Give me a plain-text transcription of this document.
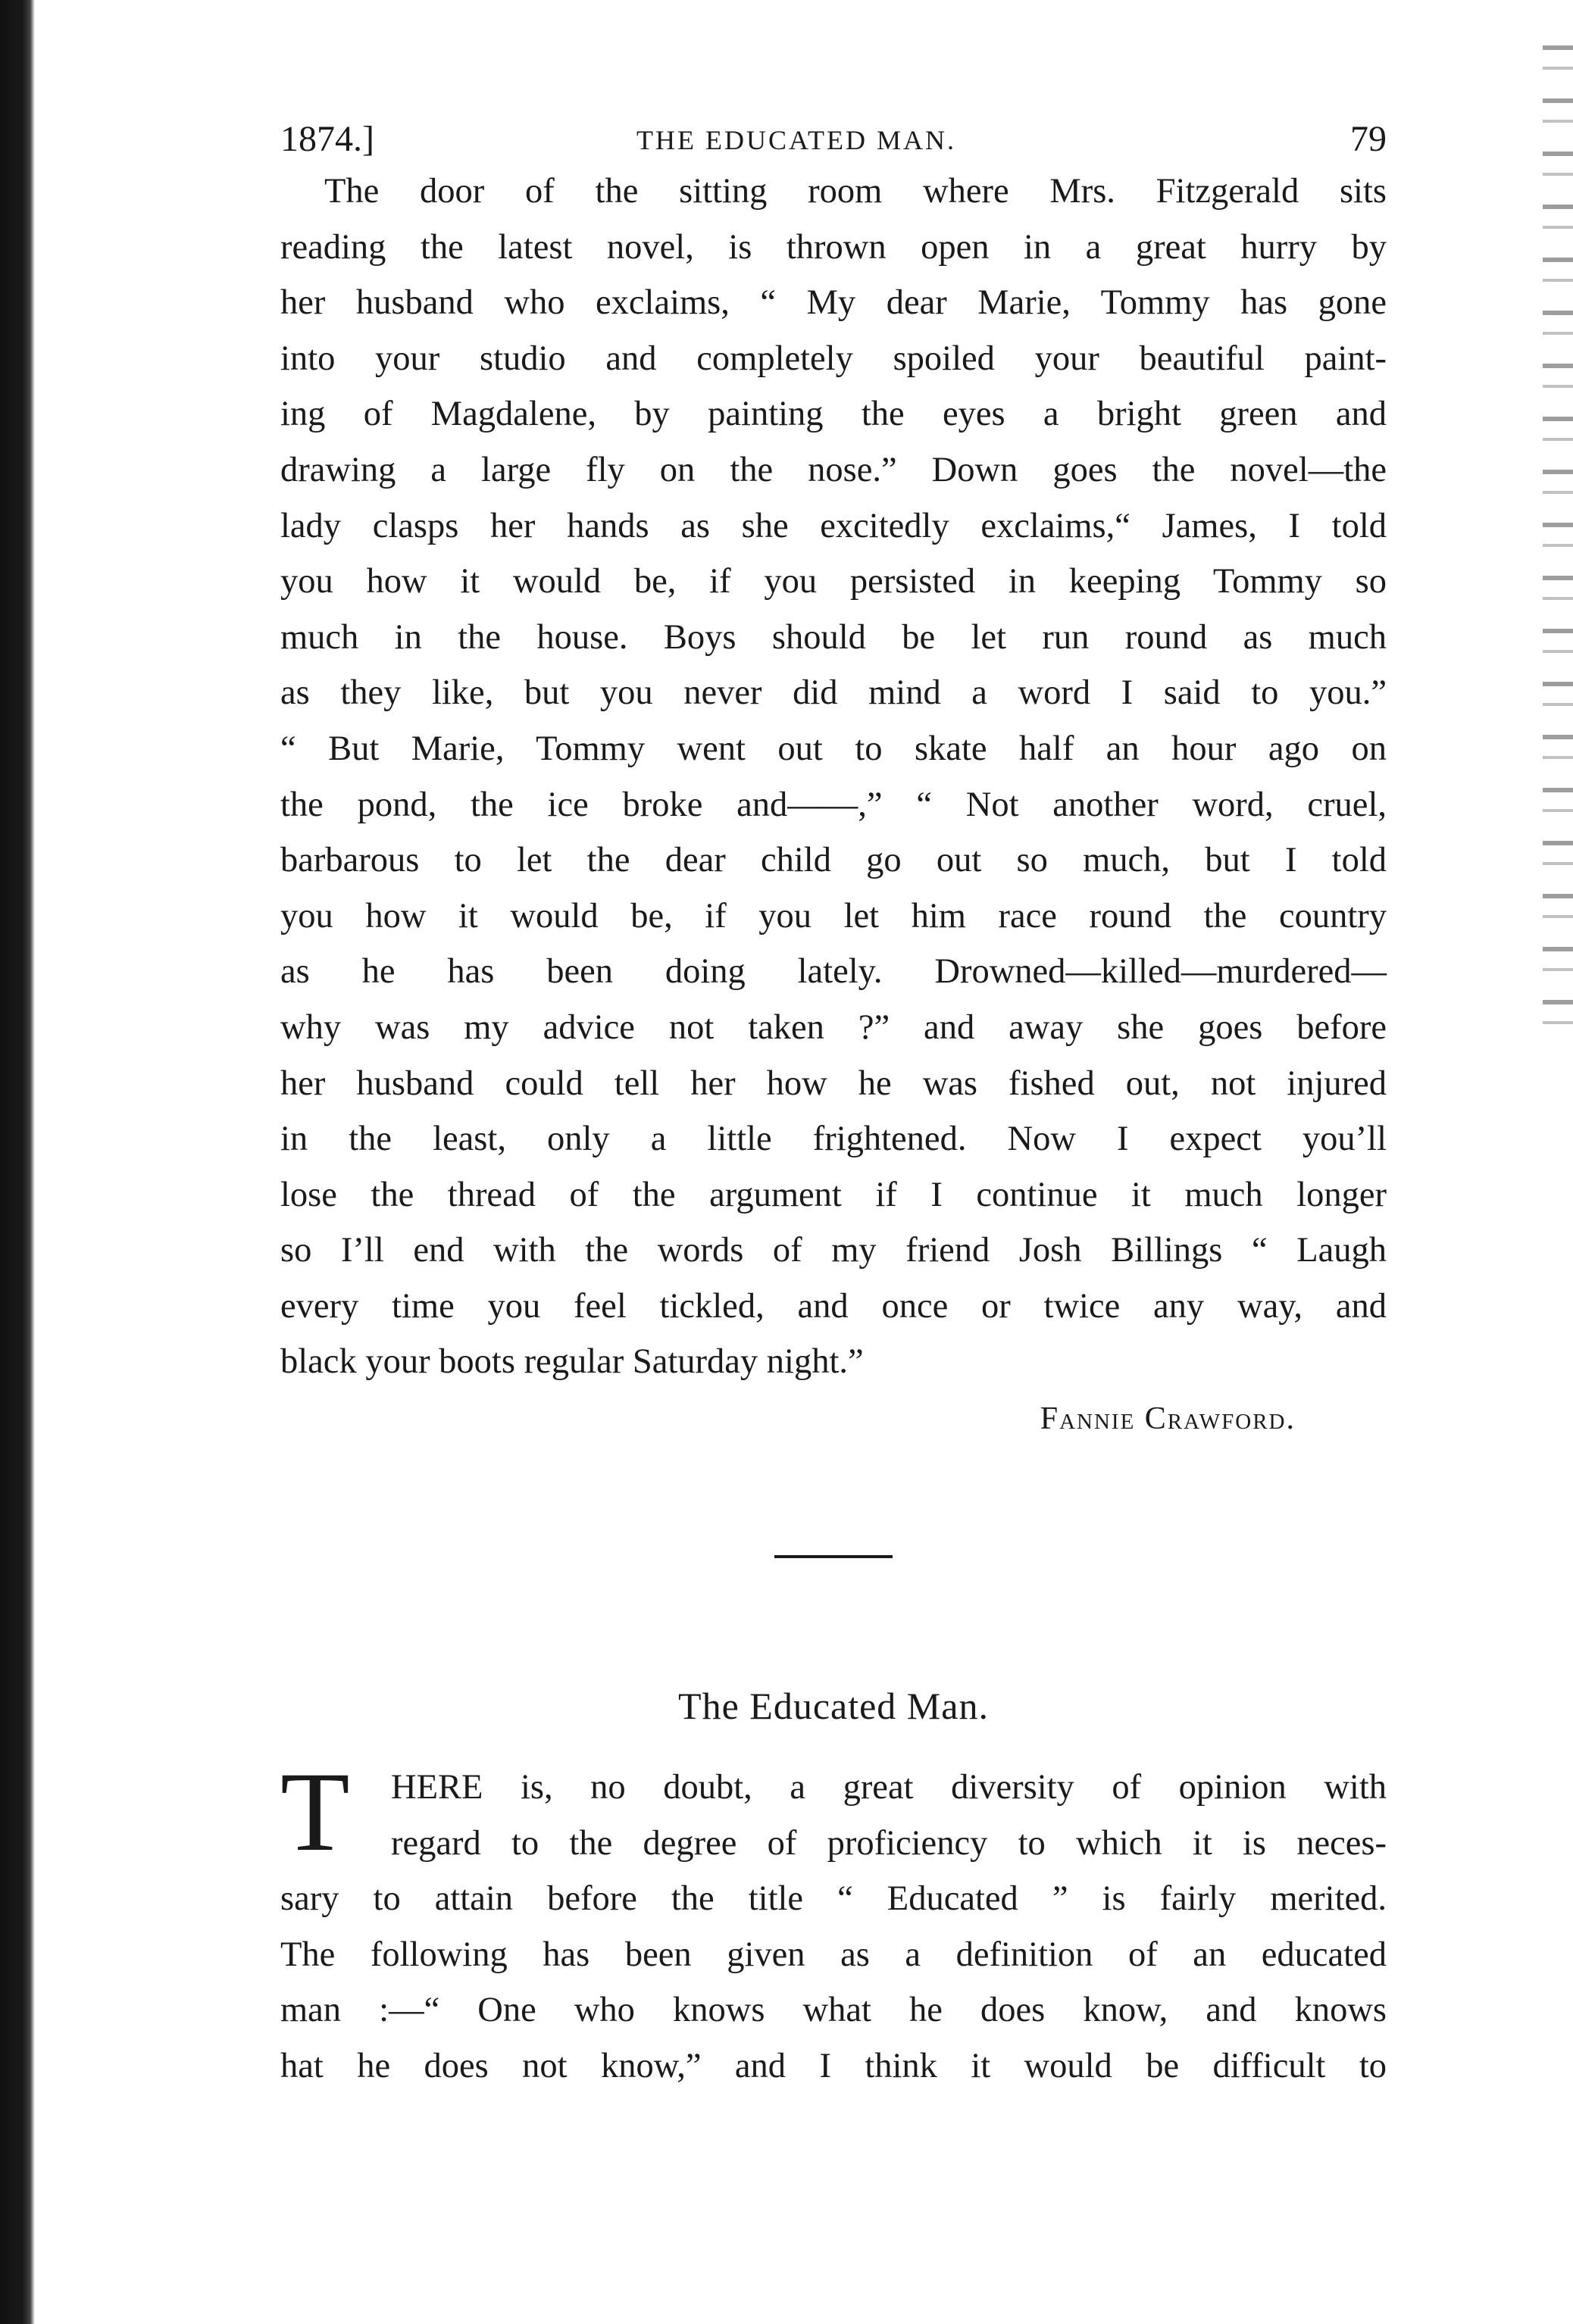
1874.]	THE EDUCATED MAN.	79
The door of the sitting room where Mrs. Fitzgerald sits
reading the latest novel, is thrown open in a great hurry by
her husband who exclaims, “ My dear Marie, Tommy has gone
into your studio and completely spoiled your beautiful paint-
ing of Magdalene, by painting the eyes a bright green and
drawing a large fly on the nose.” Down goes the novel—the
lady clasps her hands as she excitedly exclaims,“ James, I told
you how it would be, if you persisted in keeping Tommy so
much in the house. Boys should be let run round as much
as they like, but you never did mind a word I said to you.”
“ But Marie, Tommy went out to skate half an hour ago on
the pond, the ice broke and——,” “ Not another word, cruel,
barbarous to let the dear child go out so much, but I told
you how it would be, if you let him race round the country
as he has been doing lately. Drowned—killed—murdered—
why was my advice not taken ?” and away she goes before
her husband could tell her how he was fished out, not injured
in the least, only a little frightened. Now I expect you’ll
lose the thread of the argument if I continue it much longer
so I’ll end with the words of my friend Josh Billings “ Laugh
every time you feel tickled, and once or twice any way, and
black your boots regular Saturday night.”
Fannie Crawford.
The Educated Man.
T	HERE is, no doubt, a great diversity of opinion with
regard to the degree of proficiency to which it is neces-
sary to attain before the title “ Educated ” is fairly merited.
The following has been given as a definition of an educated
man :—“ One who knows what he does know, and knows
hat he does not know,” and I think it would be difficult to
